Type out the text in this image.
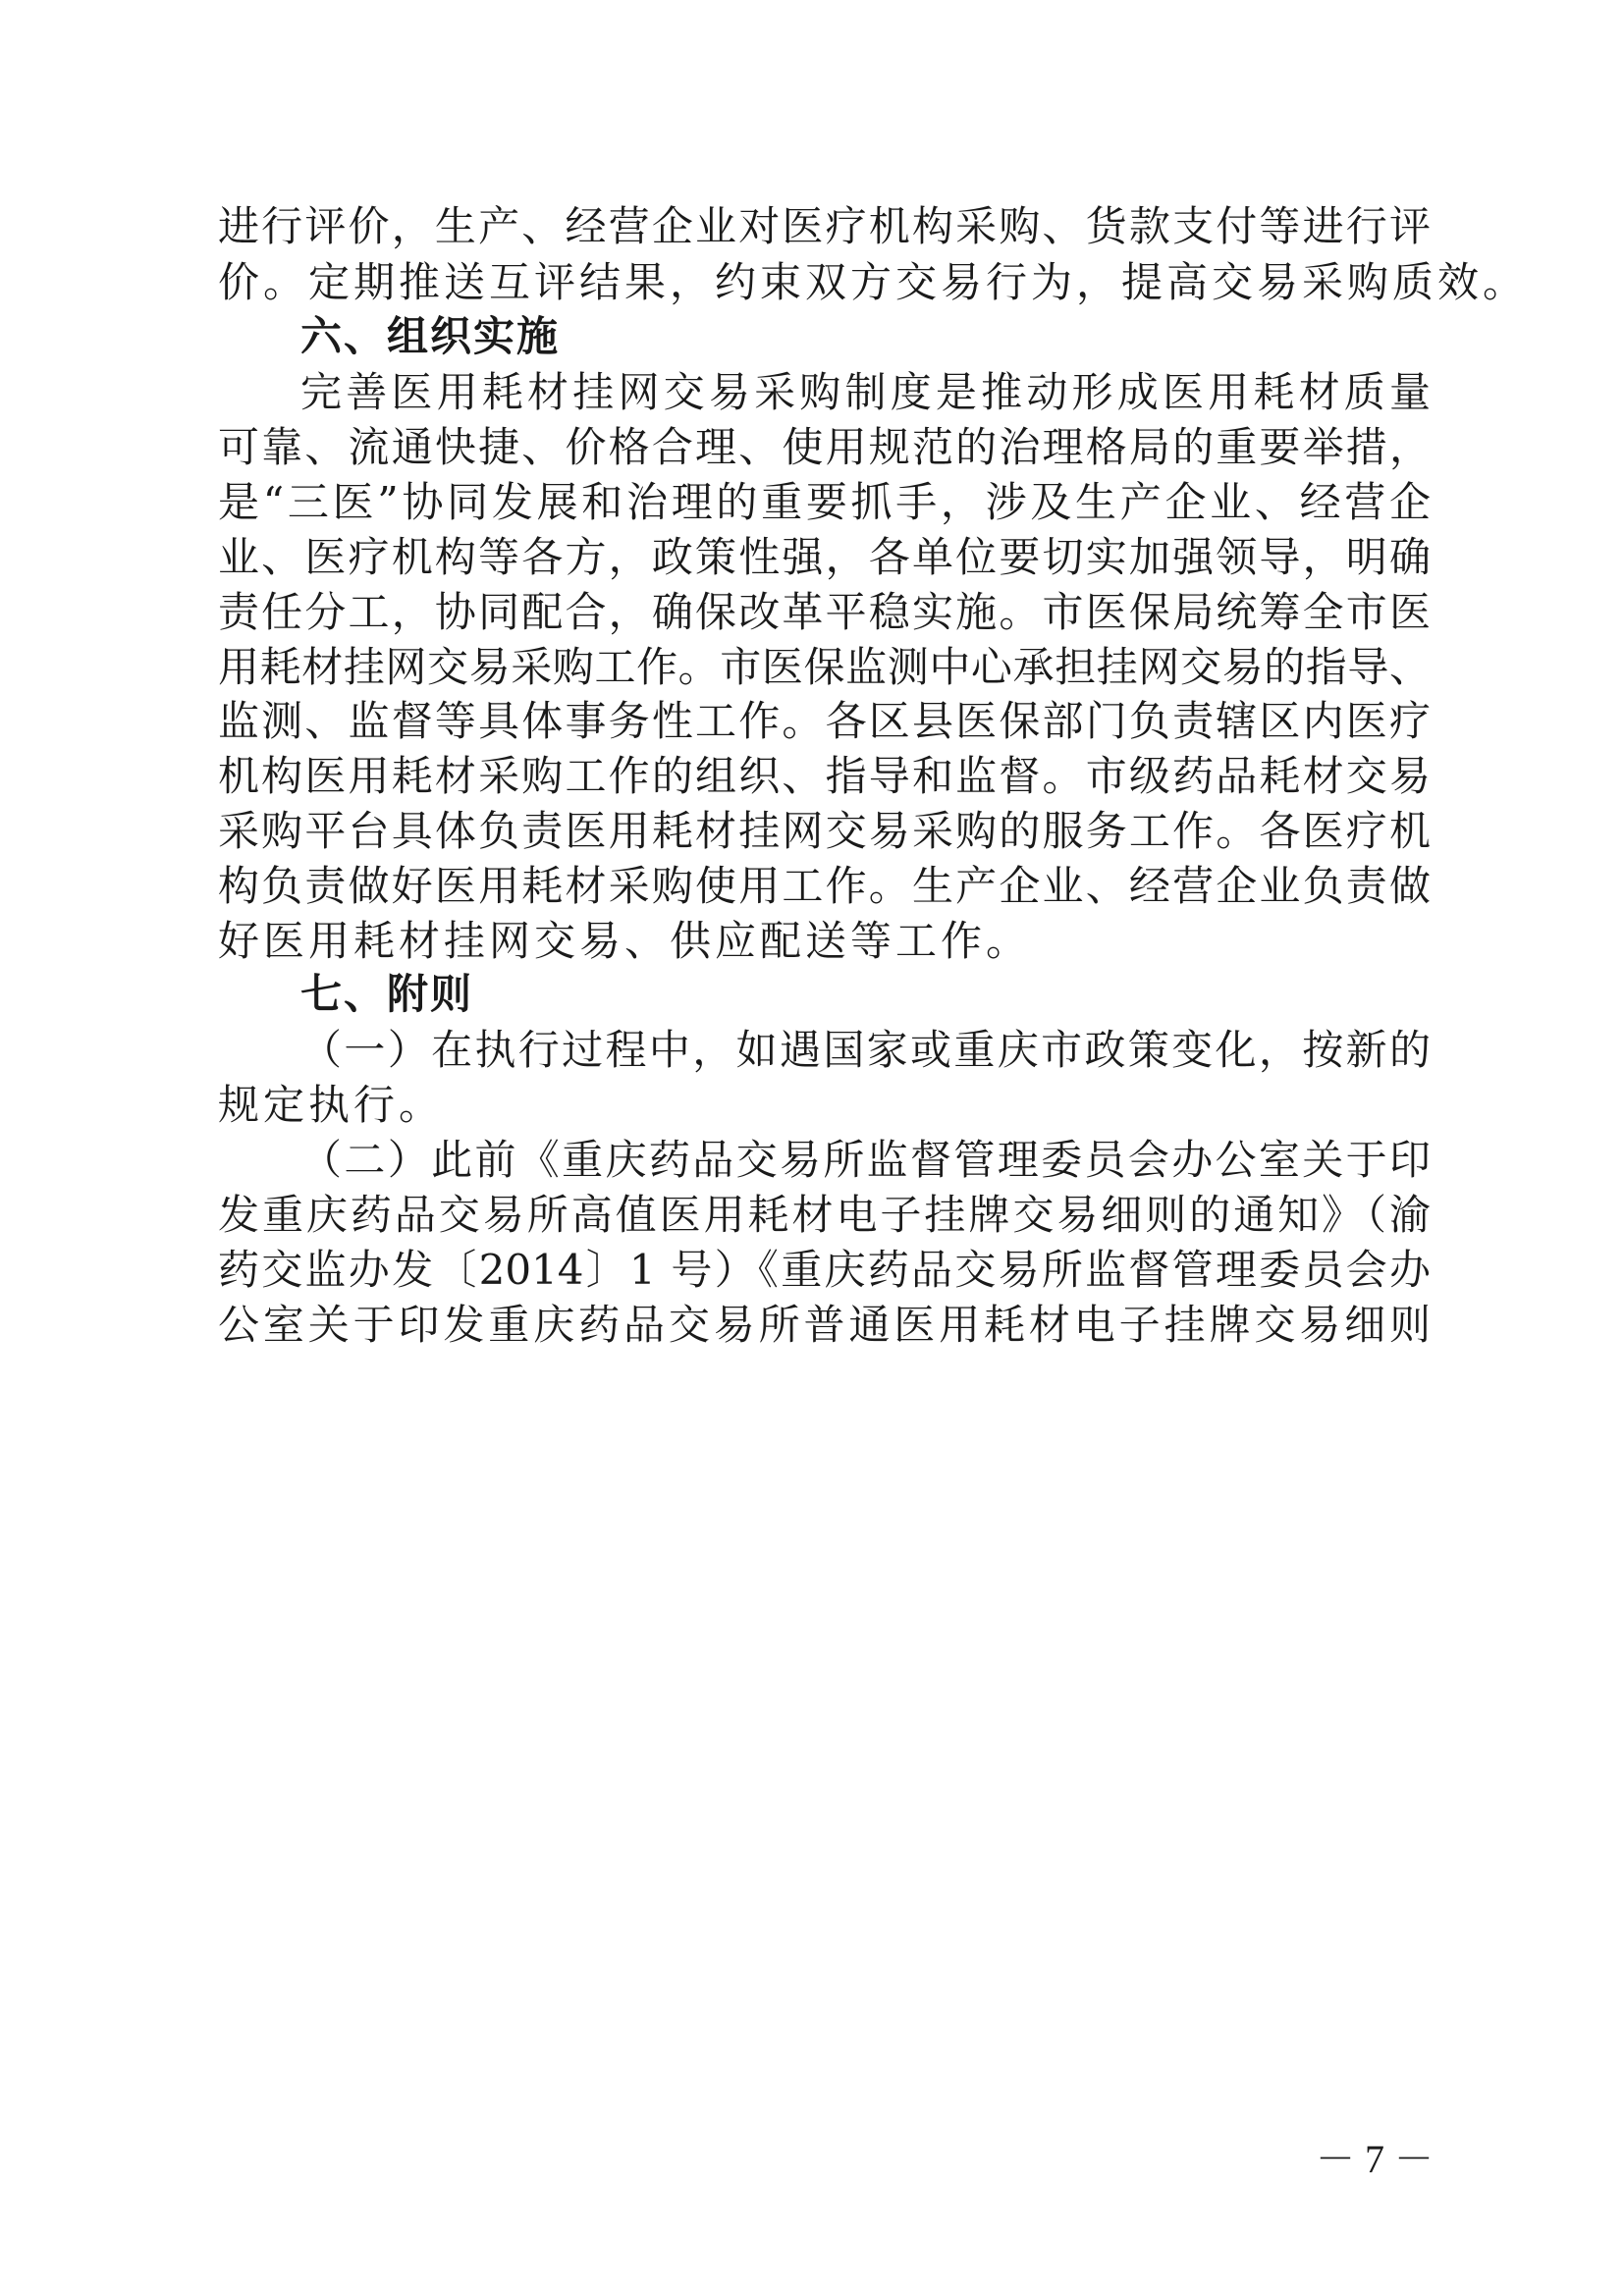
进行评价，生产、经营企业对医疗机构采购、货款支付等进行评
价。定期推送互评结果，约束双方交易行为，提高交易采购质效。
六、组织实施
完善医用耗材挂网交易采购制度是推动形成医用耗材质量
可靠、流通快捷、价格合理、使用规范的治理格局的重要举措，
是“三医”协同发展和治理的重要抓手，涉及生产企业、经营企
业、医疗机构等各方，政策性强，各单位要切实加强领导，明确
责任分工，协同配合，确保改革平稳实施。市医保局统筹全市医
用耗材挂网交易采购工作。市医保监测中心承担挂网交易的指导、
监测、监督等具体事务性工作。各区县医保部门负责辖区内医疗
机构医用耗材采购工作的组织、指导和监督。市级药品耗材交易
采购平台具体负责医用耗材挂网交易采购的服务工作。各医疗机
构负责做好医用耗材采购使用工作。生产企业、经营企业负责做
好医用耗材挂网交易、供应配送等工作。
七、附则
（一）在执行过程中，如遇国家或重庆市政策变化，按新的
规定执行。
（二）此前《重庆药品交易所监督管理委员会办公室关于印
发重庆药品交易所高值医用耗材电子挂牌交易细则的通知》（渝
药交监办发〔2014〕1 号）《重庆药品交易所监督管理委员会办
公室关于印发重庆药品交易所普通医用耗材电子挂牌交易细则
－ 7 －
